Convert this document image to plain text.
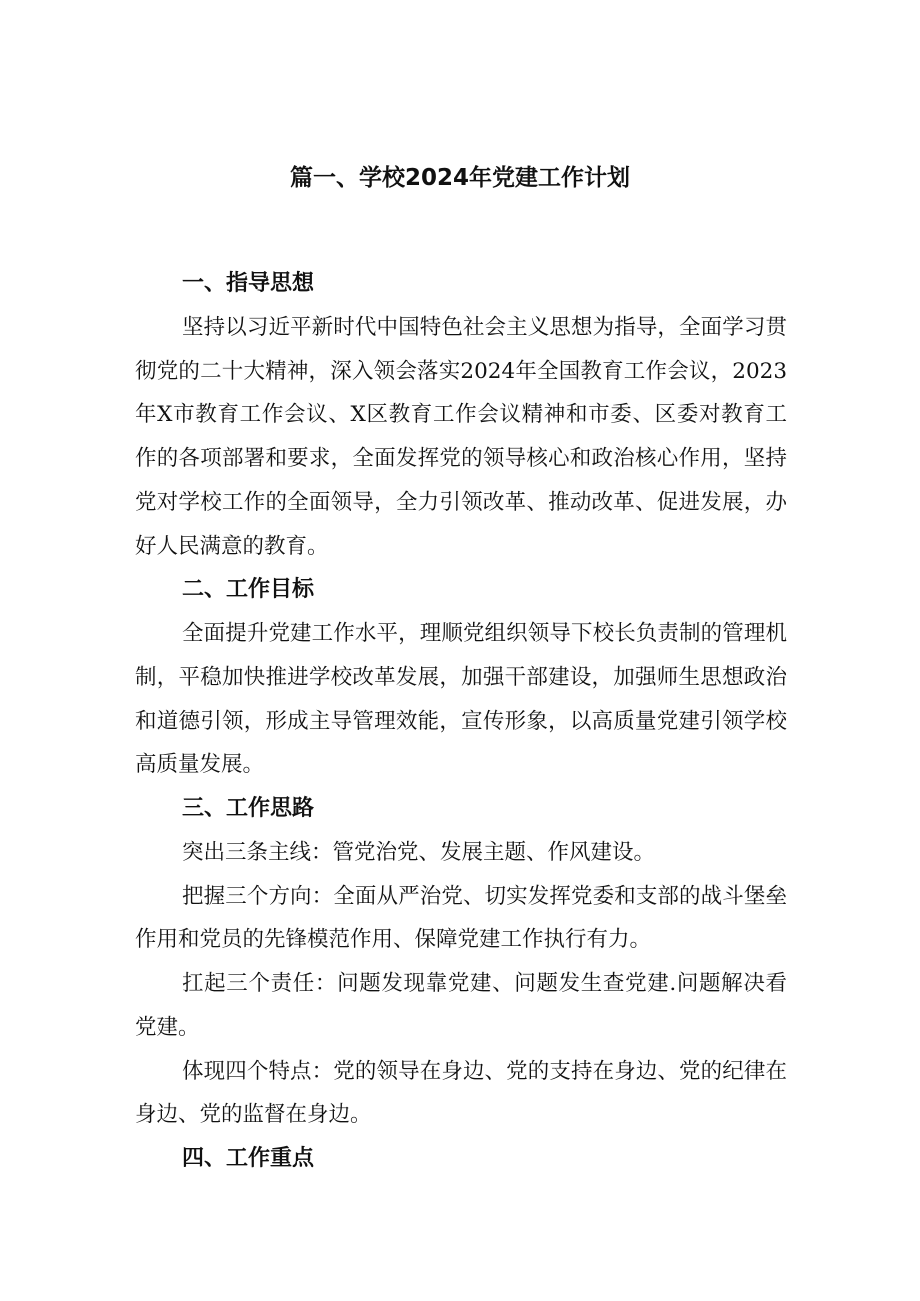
篇一、学校2024年党建工作计划
一、指导思想

坚持以习近平新时代中国特色社会主义思想为指导，全面学习贯彻党的二十大精神，深入领会落实2024年全国教育工作会议，2023年X市教育工作会议、X区教育工作会议精神和市委、区委对教育工作的各项部署和要求，全面发挥党的领导核心和政治核心作用，坚持党对学校工作的全面领导，全力引领改革、推动改革、促进发展，办好人民满意的教育。

二、工作目标

全面提升党建工作水平，理顺党组织领导下校长负责制的管理机制，平稳加快推进学校改革发展，加强干部建设，加强师生思想政治和道德引领，形成主导管理效能，宣传形象，以高质量党建引领学校高质量发展。

三、工作思路

突出三条主线：管党治党、发展主题、作风建设。

把握三个方向：全面从严治党、切实发挥党委和支部的战斗堡垒作用和党员的先锋模范作用、保障党建工作执行有力。

扛起三个责任：问题发现靠党建、问题发生查党建.问题解决看党建。

体现四个特点：党的领导在身边、党的支持在身边、党的纪律在身边、党的监督在身边。

四、工作重点
